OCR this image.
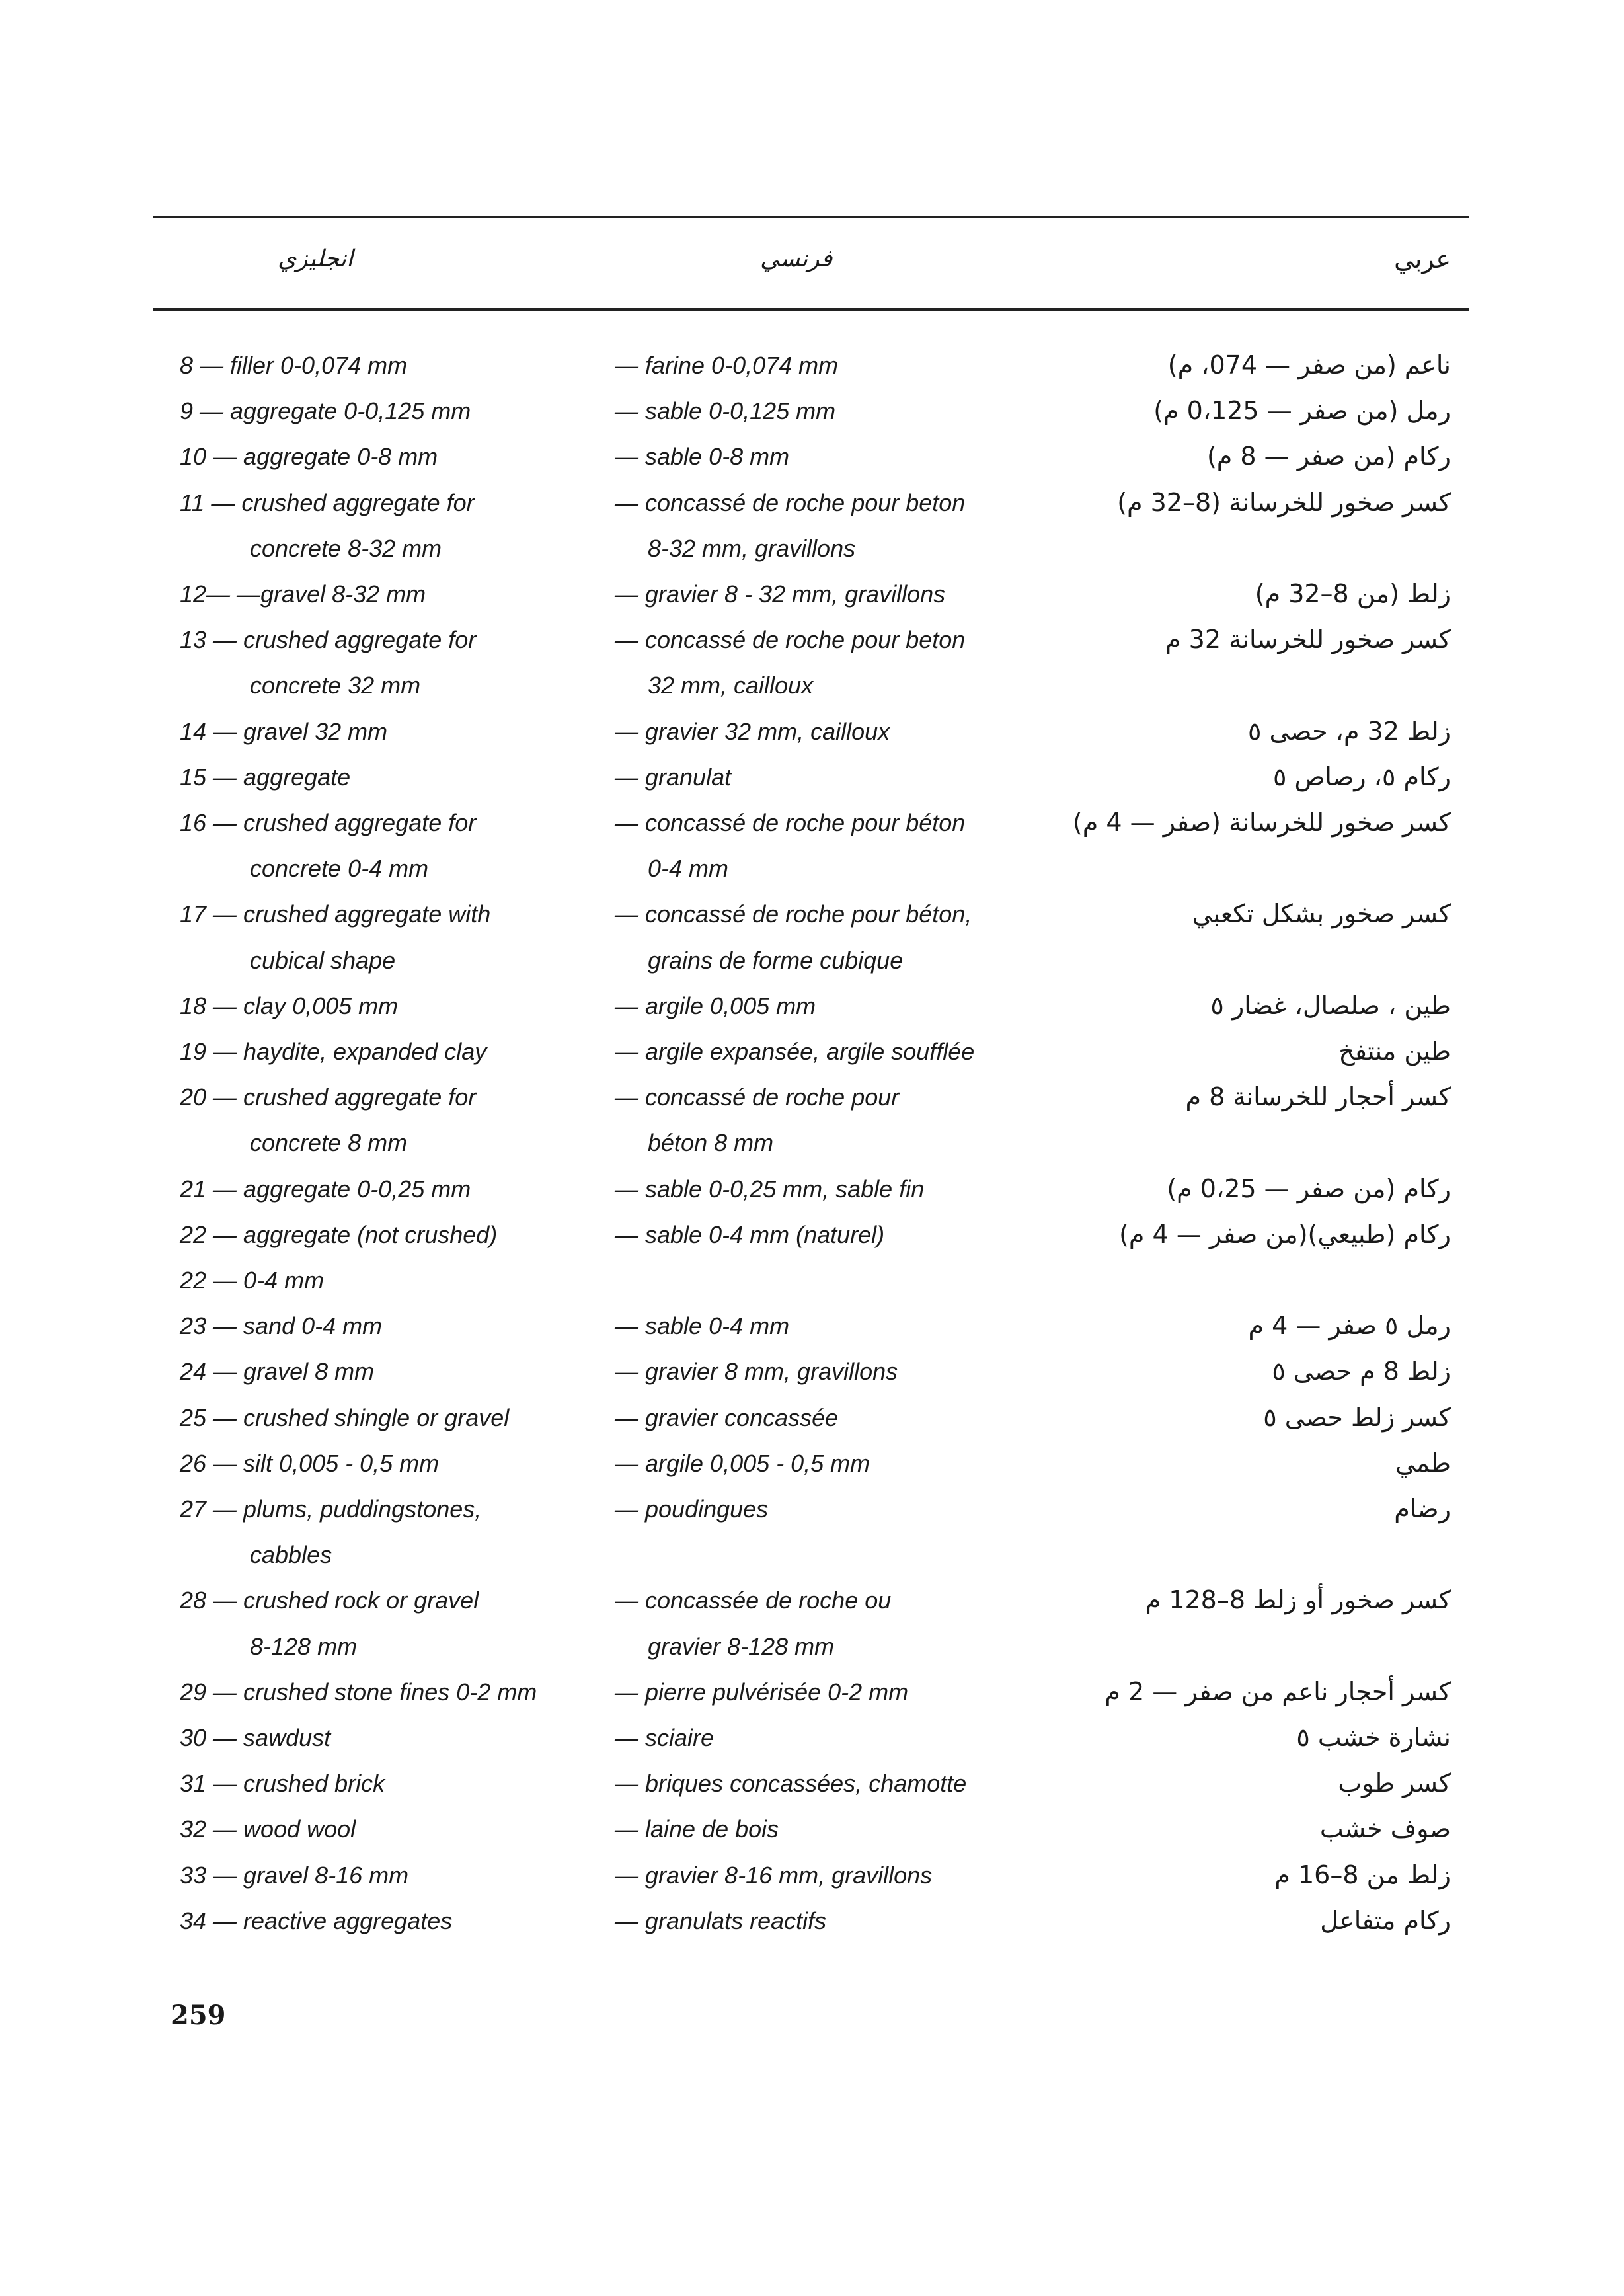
انجليزي	فرنسي	عربي
8 — filler 0-0,074 mm	— farine 0-0,074 mm	ناعم (من صفر — 074، م)
9 — aggregate 0-0,125 mm	— sable 0-0,125 mm	رمل (من صفر — 0،125 م)
10 — aggregate 0-8 mm	— sable 0-8 mm	ركام (من صفر — 8 م)
11 — crushed aggregate for	— concassé de roche pour beton	كسر صخور للخرسانة (8–32 م)
concrete 8-32 mm	8-32 mm, gravillons
12— —gravel 8-32 mm	— gravier 8 - 32 mm, gravillons	زلط (من 8–32 م)
13 — crushed aggregate for	— concassé de roche pour beton	كسر صخور للخرسانة 32 م
concrete 32 mm	32 mm, cailloux
14 — gravel 32 mm	— gravier 32 mm, cailloux	زلط 32 م، حصى ٥
15 — aggregate	— granulat	ركام ٥، رصاص ٥
16 — crushed aggregate for	— concassé de roche pour béton	كسر صخور للخرسانة (صفر — 4 م)
concrete 0-4 mm	0-4 mm
17 — crushed aggregate with	— concassé de roche pour béton,	كسر صخور بشكل تكعبي
cubical shape	grains de forme cubique
18 — clay 0,005 mm	— argile 0,005 mm	طين ، صلصال، غضار ٥
19 — haydite, expanded clay	— argile expansée, argile soufflée	طين منتفخ
20 — crushed aggregate for	— concassé de roche pour	كسر أحجار للخرسانة 8 م
concrete 8 mm	béton 8 mm
21 — aggregate 0-0,25 mm	— sable 0-0,25 mm, sable fin	ركام (من صفر — 0،25 م)
22 — aggregate (not crushed)	— sable 0-4 mm (naturel)	ركام (طبيعي)(من صفر — 4 م)
22 — 0-4 mm
23 — sand 0-4 mm	— sable 0-4 mm	رمل ٥ صفر — 4 م
24 — gravel 8 mm	— gravier 8 mm, gravillons	زلط 8 م حصى ٥
25 — crushed shingle or gravel	— gravier concassée	كسر زلط حصى ٥
26 — silt 0,005 - 0,5 mm	— argile 0,005 - 0,5 mm	طمي
27 — plums, puddingstones,	— poudingues	رضام
cabbles
28 — crushed rock or gravel	— concassée de roche ou	كسر صخور أو زلط 8–128 م
8-128 mm	gravier 8-128 mm
29 — crushed stone fines 0-2 mm	— pierre pulvérisée 0-2 mm	كسر أحجار ناعم من صفر — 2 م
30 — sawdust	— sciaire	نشارة خشب ٥
31 — crushed brick	— briques concassées, chamotte	كسر طوب
32 — wood wool	— laine de bois	صوف خشب
33 — gravel 8-16 mm	— gravier 8-16 mm, gravillons	زلط من 8–16 م
34 — reactive aggregates	— granulats reactifs	ركام متفاعل
259
